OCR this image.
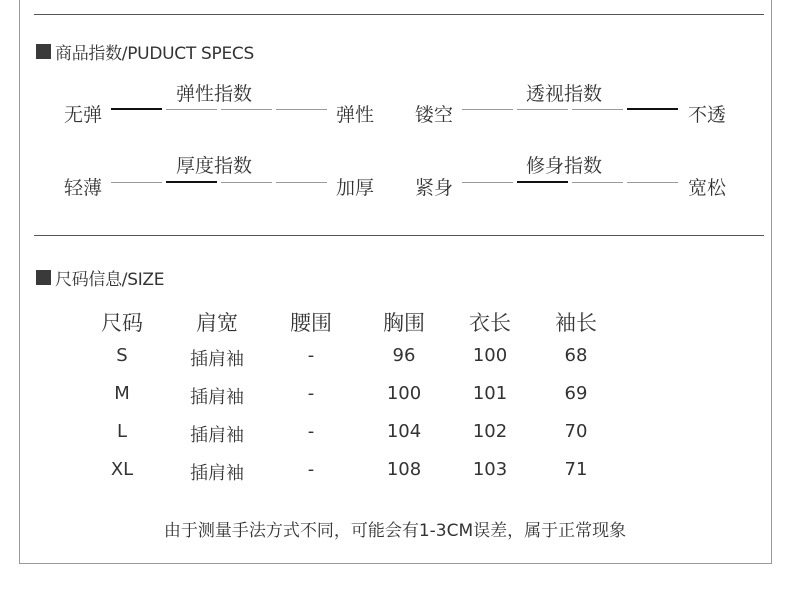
商品指数/PUDUCT SPECS
弹性指数
无弹	弹性
透视指数
镂空	不透
厚度指数
轻薄	加厚
修身指数
紧身	宽松
尺码信息/SIZE
尺码	肩宽 腰围 胸围 衣长 袖长
S	插肩袖	-	96	100	68
M	插肩袖	-	100	101	69
L	插肩袖	-	104	102	70
XL	插肩袖	-	108	103	71
由于测量手法方式不同，可能会有1-3CM误差，属于正常现象
